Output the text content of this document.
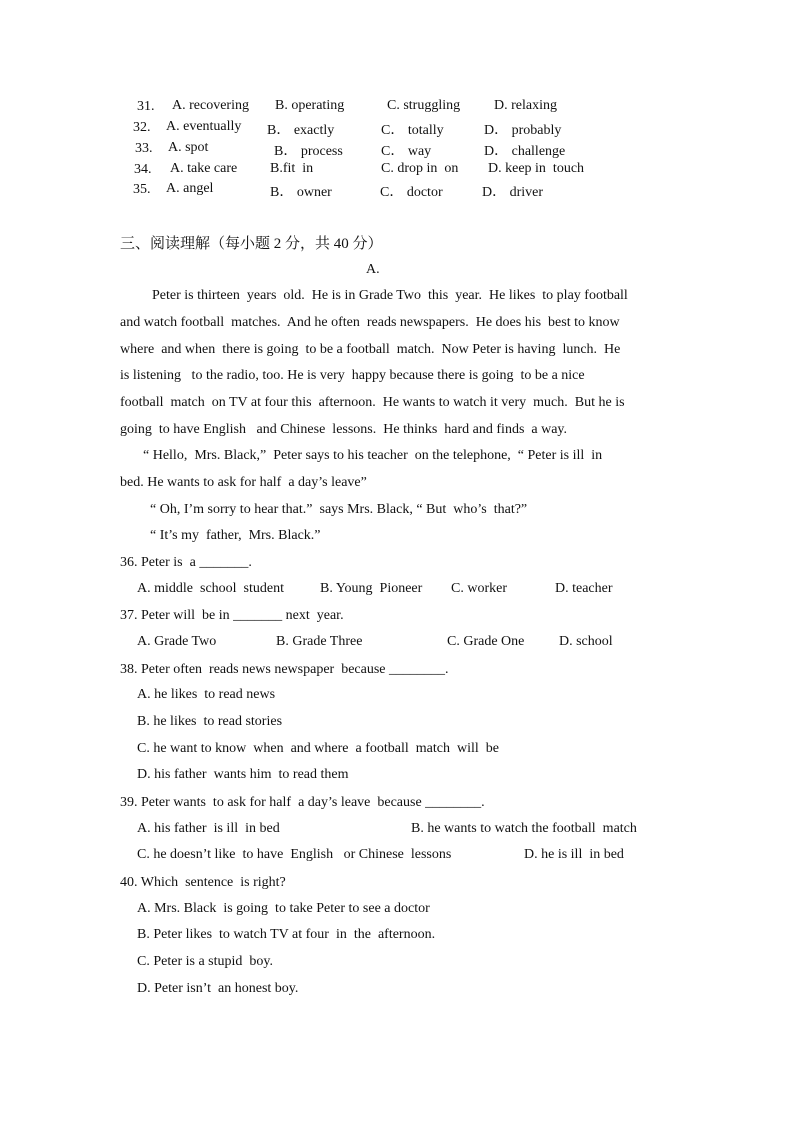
31. A. recovering B. operating	C. struggling D. relaxing
32. A. eventually B． exactly	C． totally	D． probably
33. A. spot	B． process	C． way	D． challenge
34. A. take care B.fit  in	C. drop in  on D. keep in  touch
35. A. angel	B． owner	C． doctor	D． driver
三、阅读理解（每小题 2 分，共 40 分）
A.
Peter is thirteen  years  old.  He is in Grade Two  this  year.  He likes  to play football
and watch football  matches.  And he often  reads newspapers.  He does his  best to know
where  and when  there is going  to be a football  match.  Now Peter is having  lunch.  He
is listening   to the radio, too. He is very  happy because there is going  to be a nice
football  match  on TV at four this  afternoon.  He wants to watch it very  much.  But he is
going  to have English   and Chinese  lessons.  He thinks  hard and finds  a way.
“ Hello,  Mrs. Black,”  Peter says to his teacher  on the telephone,  “ Peter is ill  in
bed. He wants to ask for half  a day’s leave”
“ Oh, I’m sorry to hear that.”  says Mrs. Black, “ But  who’s  that?”
“ It’s my  father,  Mrs. Black.”
36. Peter is  a _______.
A. middle  school  student	B. Young  Pioneer C. worker	D. teacher
37. Peter will  be in _______ next  year.
A. Grade Two	B. Grade Three	C. Grade One D. school
38. Peter often  reads news newspaper  because ________.
A. he likes  to read news
B. he likes  to read stories
C. he want to know  when  and where  a football  match  will  be
D. his father  wants him  to read them
39. Peter wants  to ask for half  a day’s leave  because ________.
A. his father  is ill  in bed	B. he wants to watch the football  match
C. he doesn’t like  to have  English   or Chinese  lessons	D. he is ill  in bed
40. Which  sentence  is right?
A. Mrs. Black  is going  to take Peter to see a doctor
B. Peter likes  to watch TV at four  in  the  afternoon.
C. Peter is a stupid  boy.
D. Peter isn’t  an honest boy.
